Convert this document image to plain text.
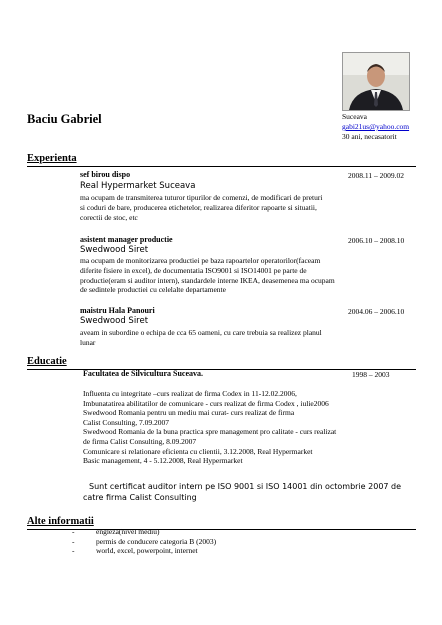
Baciu Gabriel	Suceava
gabi21us@yahoo.com
30 ani, necasatorit
Experienta
sef birou dispo	2008.11 – 2009.02
Real Hypermarket Suceava
ma ocupam de transmiterea tuturor tipurilor de comenzi, de modificari de preturi
si coduri de bare, producerea etichetelor, realizarea diferitor rapoarte si situatii,
corectii de stoc, etc
asistent manager productie	2006.10 – 2008.10
Swedwood Siret
ma ocupam de monitorizarea productiei pe baza rapoartelor operatorilor(faceam
diferite fisiere in excel), de documentatia ISO9001 si ISO14001 pe parte de
productie(eram si auditor intern), standardele interne IKEA, deasemenea ma ocupam
de sedintele productiei cu celelalte departamente
maistru Hala Panouri	2004.06 – 2006.10
Swedwood Siret
aveam in subordine o echipa de cca 65 oameni, cu care trebuia sa realizez planul
lunar
Educatie
Facultatea de Silvicultura Suceava.	1998 – 2003
Influenta cu integritate –curs realizat de firma Codex in 11-12.02.2006,
Imbunatatirea abilitatilor de comunicare - curs realizat de firma Codex , iulie2006
Swedwood Romania pentru un mediu mai curat- curs realizat de firma
Calist Consulting, 7.09.2007
Swedwood Romania de la buna practica spre management pro calitate - curs realizat
de firma Calist Consulting, 8.09.2007
Comunicare si relationare eficienta cu clientii, 3.12.2008, Real Hypermarket
Basic management, 4 - 5.12.2008, Real Hypermarket
Sunt certificat auditor intern pe ISO 9001 si ISO 14001 din octombrie 2007 de
catre firma Calist Consulting
Alte informatii
- engleza(nivel mediu)
- permis de conducere categoria B (2003)
- world, excel, powerpoint, internet
